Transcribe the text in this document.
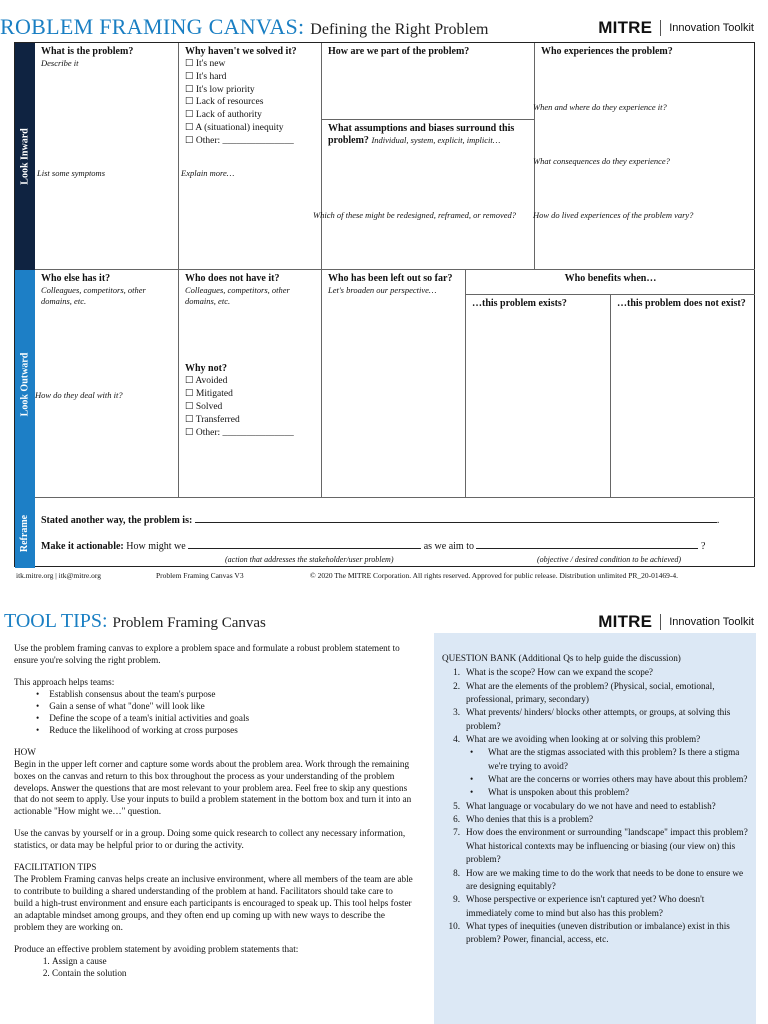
ROBLEM FRAMING CANVAS: Defining the Right Problem	MITRE Innovation Toolkit
Look Inward
Look Outward
Reframe
What is the problem?
Describe it
List some symptoms
Why haven't we solved it?
☐ It's new
☐ It's hard
☐ It's low priority
☐ Lack of resources
☐ Lack of authority
☐ A (situational) inequity
☐ Other: _______________
Explain more…
How are we part of the problem?
What assumptions and biases surround this problem? Individual, system, explicit, implicit…
Which of these might be redesigned, reframed, or removed?
Who experiences the problem?
When and where do they experience it?
What consequences do they experience?
How do lived experiences of the problem vary?
Who else has it?
Colleagues, competitors, other domains, etc.
How do they deal with it?
Who does not have it?
Colleagues, competitors, other domains, etc.
Why not?
☐ Avoided
☐ Mitigated
☐ Solved
☐ Transferred
☐ Other: _______________
Who has been left out so far? Let's broaden our perspective…
Who benefits when…
…this problem exists?	…this problem does not exist?
Stated another way, the problem is:	.
Make it actionable: How might we	as we aim to	?
(action that addresses the stakeholder/user problem)	(objective / desired condition to be achieved)
itk.mitre.org | itk@mitre.org	Problem Framing Canvas V3	© 2020 The MITRE Corporation. All rights reserved. Approved for public release. Distribution unlimited PR_20-01469-4.
TOOL TIPS: Problem Framing Canvas	MITRE Innovation Toolkit

Use the problem framing canvas to explore a problem space and formulate a robust problem statement to ensure you're solving the right problem.

This approach helps teams:
• Establish consensus about the team's purpose
• Gain a sense of what "done" will look like
• Define the scope of a team's initial activities and goals
• Reduce the likelihood of working at cross purposes
HOW

Begin in the upper left corner and capture some words about the problem area. Work through the remaining boxes on the canvas and return to this box throughout the process as your understanding of the problem develops. Answer the questions that are most relevant to your problem area. Feel free to skip any questions that do not seem to apply. Use your inputs to build a problem statement in the bottom box and turn it into an actionable "How might we…" question.

Use the canvas by yourself or in a group. Doing some quick research to collect any necessary information, statistics, or data may be helpful prior to or during the activity.

FACILITATION TIPS

The Problem Framing canvas helps create an inclusive environment, where all members of the team are able to contribute to building a shared understanding of the problem at hand. Facilitators should take care to build a high-trust environment and ensure each participants is encouraged to speak up. This tool helps foster an adaptable mindset among groups, and they often end up coming up with new ways to describe the problem they are working on.

Produce an effective problem statement by avoiding problem statements that:
1. Assign a cause
2. Contain the solution
QUESTION BANK (Additional Qs to help guide the discussion)
1. What is the scope? How can we expand the scope?
2. What are the elements of the problem? (Physical, social, emotional, professional, primary, secondary)
3. What prevents/ hinders/ blocks other attempts, or groups, at solving this problem?
4. What are we avoiding when looking at or solving this problem?
•	What are the stigmas associated with this problem? Is there a stigma we're trying to avoid?
•	What are the concerns or worries others may have about this problem?
•	What is unspoken about this problem?
5. What language or vocabulary do we not have and need to establish?
6. Who denies that this is a problem?
7. How does the environment or surrounding "landscape" impact this problem? What historical contexts may be influencing or biasing (our view on) this problem?
8. How are we making time to do the work that needs to be done to ensure we are designing equitably?
9. Whose perspective or experience isn't captured yet? Who doesn't immediately come to mind but also has this problem?
10. What types of inequities (uneven distribution or imbalance) exist in this problem? Power, financial, access, etc.
